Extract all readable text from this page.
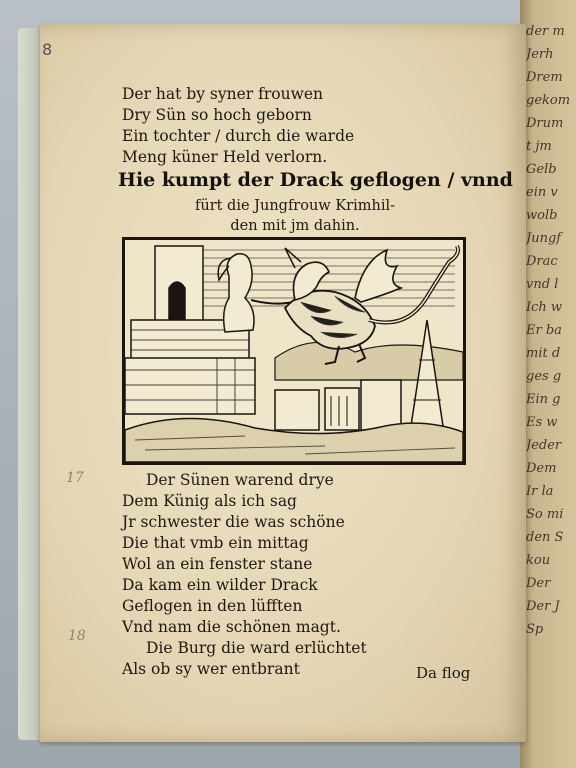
der m
Jerh
Drem
gekom
Drum
t jm
Gelb
ein v
wolb
Jungf
Drac
vnd l
Ich w
Er ba
mit d
ges g
Ein g
Es w
Jeder
Dem
Ir la
So mi
den S
kou
Der
Der J
Sp
8
17
18
Der hat by syner frouwen
Dry Sün so hoch geborn
Ein tochter / durch die warde
Meng küner Held verlorn.
Hie kumpt der Drack geflogen / vnnd
fürt die Jungfrouw Krimhil-
den mit jm dahin.
Der Sünen warend drye
Dem Künig als ich sag
Jr schwester die was schöne
Die that vmb ein mittag
Wol an ein fenster stane
Da kam ein wilder Drack
Geflogen in den lüfften
Vnd nam die schönen magt.
Die Burg die ward erlüchtet
Als ob sy wer entbrant	Da flog
